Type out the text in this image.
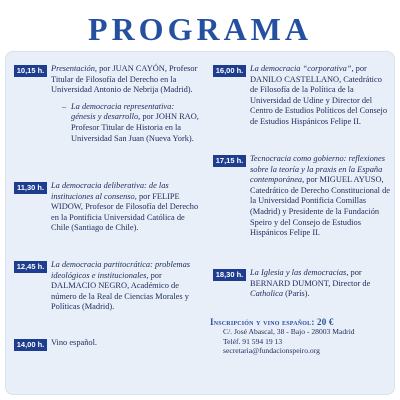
PROGRAMA
10,15 h. Presentación, por JUAN CAYÓN, Profesor Titular de Filosofía del Derecho en la Universidad Antonio de Nebrija (Madrid).
– La democracia representativa: génesis y desarrollo, por JOHN RAO, Profesor Titular de Historia en la Universidad San Juan (Nueva York).
11,30 h. La democracia deliberativa: de las instituciones al consenso, por FELIPE WIDOW, Profesor de Filosofía del Derecho en la Pontificia Universidad Católica de Chile (Santiago de Chile).
12,45 h. La democracia partitocrática: problemas ideológicos e institucionales, por DALMACIO NEGRO, Académico de número de la Real de Ciencias Morales y Políticas (Madrid).
14,00 h. Vino español.
16,00 h. La democracia “corporativa”, por DANILO CASTELLANO, Catedrático de Filosofía de la Política de la Universidad de Udine y Director del Centro de Estudios Políticos del Consejo de Estudios Hispánicos Felipe II.
17,15 h. Tecnocracia como gobierno: reflexiones sobre la teoría y la praxis en la España contemporánea, por MIGUEL AYUSO, Catedrático de Derecho Constitucional de la Universidad Pontificia Comillas (Madrid) y Presidente de la Fundación Speiro y del Consejo de Estudios Hispánicos Felipe II.
18,30 h. La Iglesia y las democracias, por BERNARD DUMONT, Director de Catholica (París).
Inscripción y vino español: 20 €
C/. José Abascal, 38 - Bajo - 28003 Madrid
Teléf. 91 594 19 13
secretaria@fundacionspeiro.org
